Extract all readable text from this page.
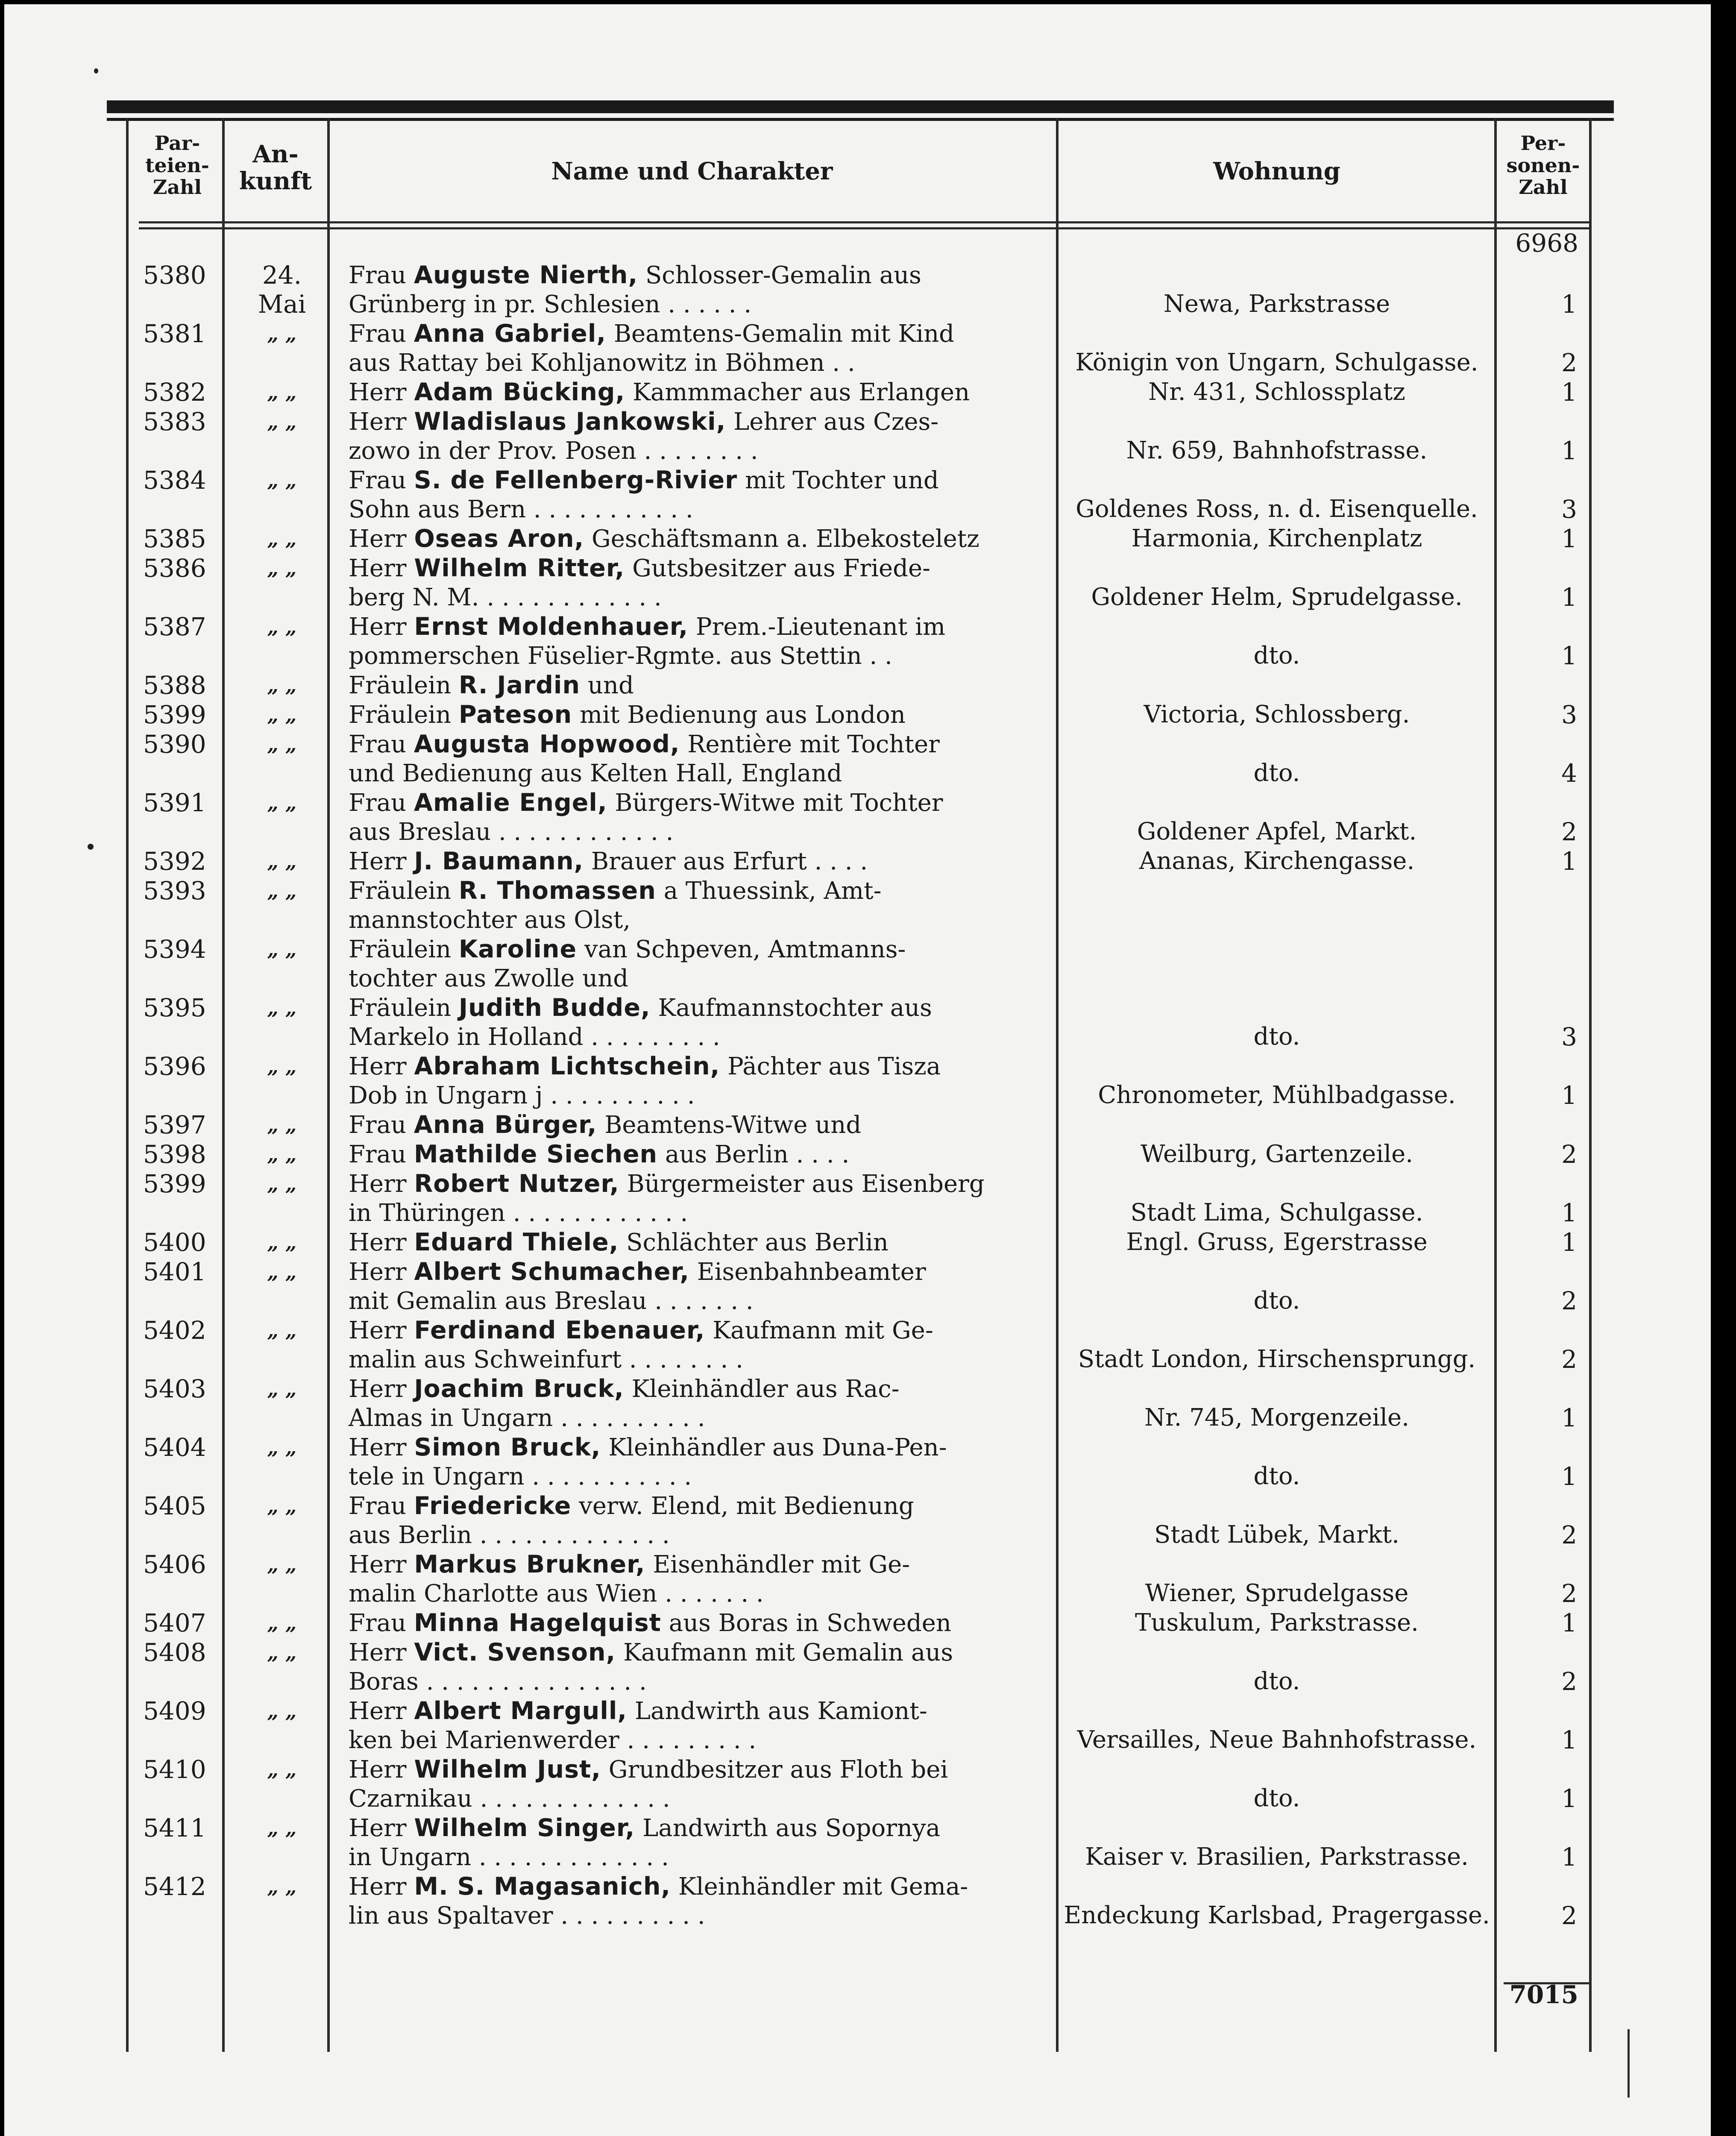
Par-
teien-
Zahl
An-
kunft	Name und Charakter	Wohnung
Per-
sonen-
Zahl
6968
5380	24. Mai
Frau Auguste Nierth, Schlosser-Gemalin aus
Grünberg in pr. Schlesien . . . . . .	Newa, Parkstrasse	1
5381	„ „	Frau Anna Gabriel, Beamtens-Gemalin mit Kind
aus Rattay bei Kohljanowitz in Böhmen . .	Königin von Ungarn, Schulgasse.	2
5382	„ „	Herr Adam Bücking, Kammmacher aus Erlangen	Nr. 431, Schlossplatz	1
5383	„ „	Herr Wladislaus Jankowski, Lehrer aus Czes-
zowo in der Prov. Posen . . . . . . . .	Nr. 659, Bahnhofstrasse.	1
5384	„ „	Frau S. de Fellenberg-Rivier mit Tochter und
Sohn aus Bern . . . . . . . . . . .	Goldenes Ross, n. d. Eisenquelle.	3
5385	„ „	Herr Oseas Aron, Geschäftsmann a. Elbekosteletz	Harmonia, Kirchenplatz	1
5386	„ „	Herr Wilhelm Ritter, Gutsbesitzer aus Friede-
berg N. M. . . . . . . . . . . . .	Goldener Helm, Sprudelgasse.	1
5387	„ „	Herr Ernst Moldenhauer, Prem.-Lieutenant im
pommerschen Füselier-Rgmte. aus Stettin . .	dto.	1
5388	„ „	Fräulein R. Jardin und
5399	„ „	Fräulein Pateson mit Bedienung aus London	Victoria, Schlossberg.	3
5390	„ „	Frau Augusta Hopwood, Rentière mit Tochter
und Bedienung aus Kelten Hall, England	dto.	4
5391	„ „	Frau Amalie Engel, Bürgers-Witwe mit Tochter
aus Breslau . . . . . . . . . . . .	Goldener Apfel, Markt.	2
5392	„ „	Herr J. Baumann, Brauer aus Erfurt . . . .	Ananas, Kirchengasse.	1
5393	„ „	Fräulein R. Thomassen a Thuessink, Amt-
mannstochter aus Olst,
5394	„ „	Fräulein Karoline van Schpeven, Amtmanns-
tochter aus Zwolle und
5395	„ „	Fräulein Judith Budde, Kaufmannstochter aus
Markelo in Holland . . . . . . . . .	dto.	3
5396	„ „	Herr Abraham Lichtschein, Pächter aus Tisza
Dob in Ungarn j . . . . . . . . . .	Chronometer, Mühlbadgasse.	1
5397	„ „	Frau Anna Bürger, Beamtens-Witwe und
5398	„ „	Frau Mathilde Siechen aus Berlin . . . .	Weilburg, Gartenzeile.	2
5399	„ „	Herr Robert Nutzer, Bürgermeister aus Eisenberg
in Thüringen . . . . . . . . . . . .	Stadt Lima, Schulgasse.	1
5400	„ „	Herr Eduard Thiele, Schlächter aus Berlin	Engl. Gruss, Egerstrasse	1
5401	„ „	Herr Albert Schumacher, Eisenbahnbeamter
mit Gemalin aus Breslau . . . . . . .	dto.	2
5402	„ „	Herr Ferdinand Ebenauer, Kaufmann mit Ge-
malin aus Schweinfurt . . . . . . . .	Stadt London, Hirschensprungg.	2
5403	„ „	Herr Joachim Bruck, Kleinhändler aus Rac-
Almas in Ungarn . . . . . . . . . .	Nr. 745, Morgenzeile.	1
5404	„ „	Herr Simon Bruck, Kleinhändler aus Duna-Pen-
tele in Ungarn . . . . . . . . . . .	dto.	1
5405	„ „	Frau Friedericke verw. Elend, mit Bedienung
aus Berlin . . . . . . . . . . . . .	Stadt Lübek, Markt.	2
5406	„ „	Herr Markus Brukner, Eisenhändler mit Ge-
malin Charlotte aus Wien . . . . . . .	Wiener, Sprudelgasse	2
5407	„ „	Frau Minna Hagelquist aus Boras in Schweden	Tuskulum, Parkstrasse.	1
5408	„ „	Herr Vict. Svenson, Kaufmann mit Gemalin aus
Boras . . . . . . . . . . . . . . .	dto.	2
5409	„ „	Herr Albert Margull, Landwirth aus Kamiont-
ken bei Marienwerder . . . . . . . . .	Versailles, Neue Bahnhofstrasse.	1
5410	„ „	Herr Wilhelm Just, Grundbesitzer aus Floth bei
Czarnikau . . . . . . . . . . . . .	dto.	1
5411	„ „	Herr Wilhelm Singer, Landwirth aus Sopornya
in Ungarn . . . . . . . . . . . . .	Kaiser v. Brasilien, Parkstrasse.	1
5412	„ „	Herr M. S. Magasanich, Kleinhändler mit Gema-
lin aus Spaltaver . . . . . . . . . .	Endeckung Karlsbad, Pragergasse.	2
7015
